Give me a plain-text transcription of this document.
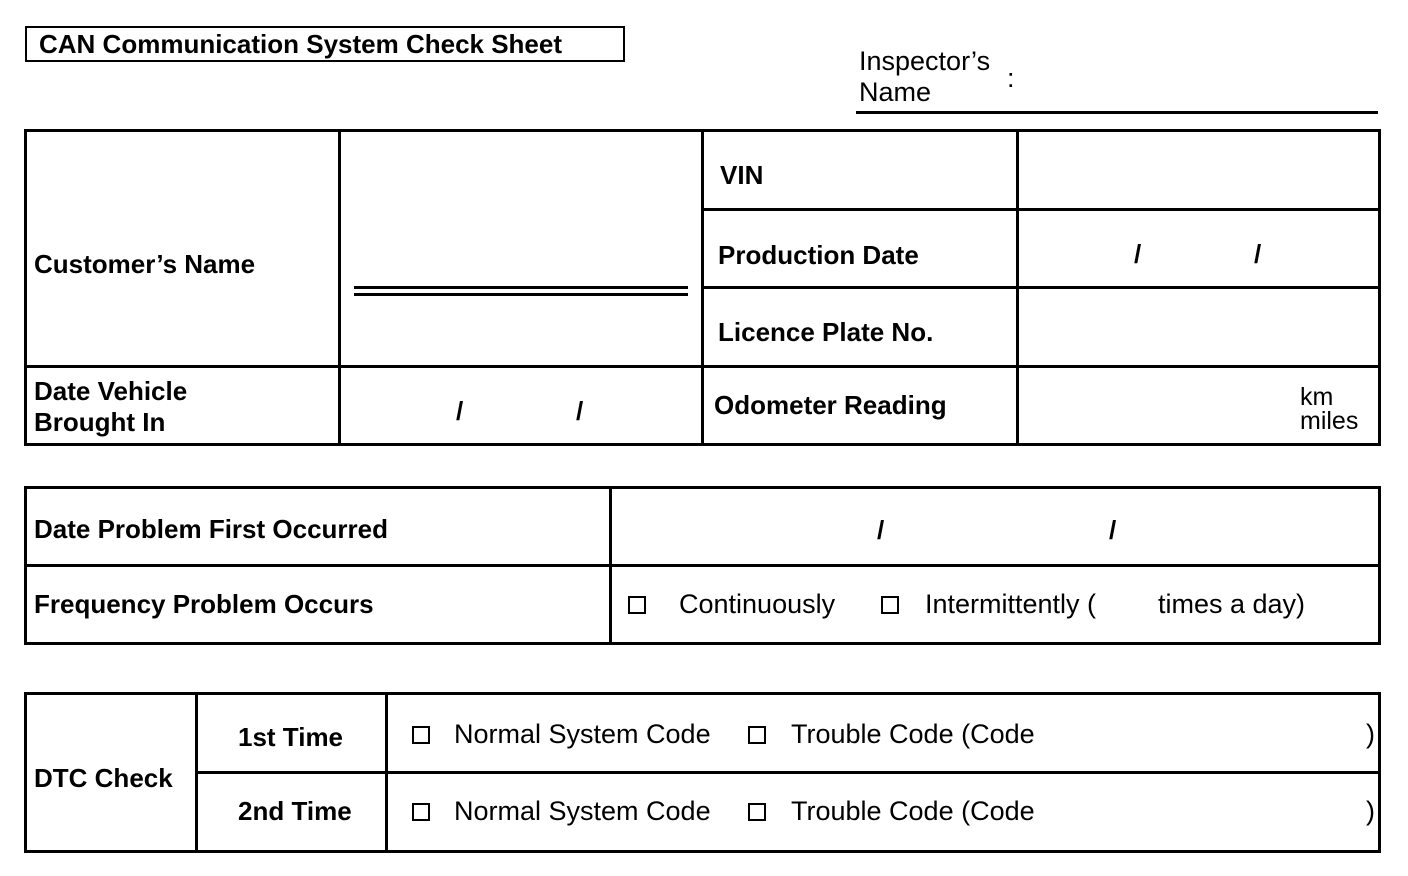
CAN Communication System Check Sheet
Inspector’s
Name	:
Customer’s Name
VIN
Production Date	/	/
Licence Plate No.
Date Vehicle
Brought In	/	/	Odometer Reading	km
miles
Date Problem First Occurred	/	/
Frequency Problem Occurs	Continuously	Intermittently ( times a day)
DTC Check
1st Time	Normal System Code	Trouble Code (Code	)
2nd Time	Normal System Code	Trouble Code (Code	)
